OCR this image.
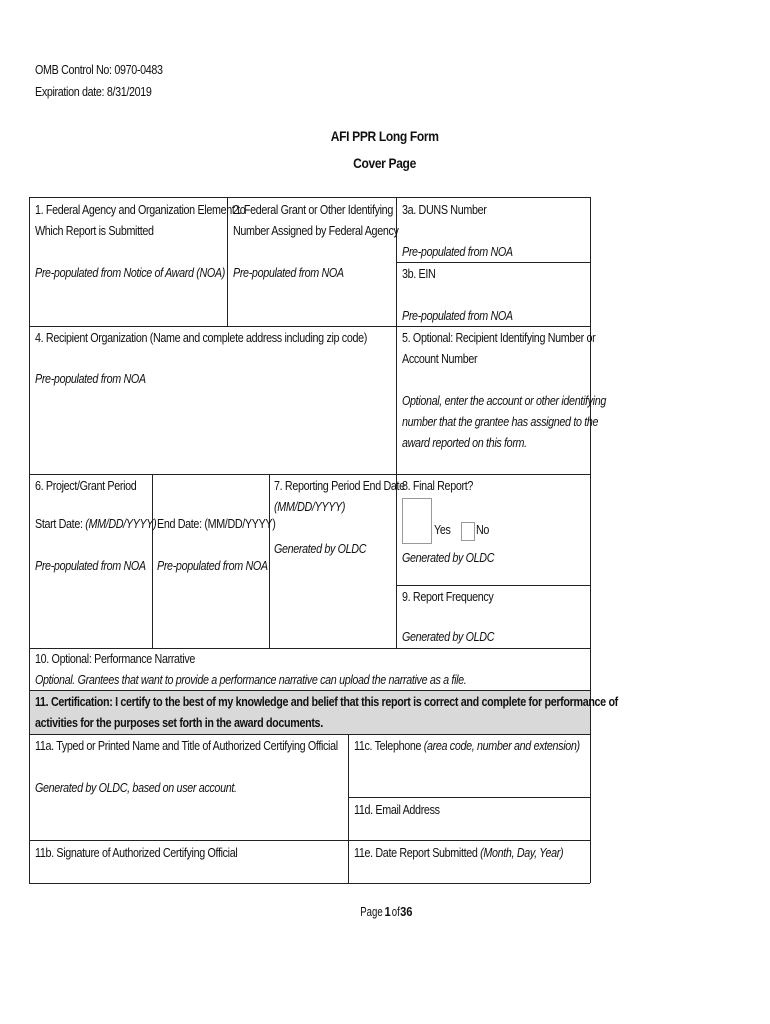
OMB Control No: 0970-0483
Expiration date: 8/31/2019
AFI PPR Long Form
Cover Page
1. Federal Agency and Organization Element to
Which Report is Submitted
Pre-populated from Notice of Award (NOA)
2. Federal Grant or Other Identifying
Number Assigned by Federal Agency
Pre-populated from NOA
3a. DUNS Number
Pre-populated from NOA
3b. EIN
Pre-populated from NOA
4. Recipient Organization (Name and complete address including zip code)
Pre-populated from NOA
5. Optional: Recipient Identifying Number or
Account Number
Optional, enter the account or other identifying
number that the grantee has assigned to the
award reported on this form.
6. Project/Grant Period
Start Date: (MM/DD/YYYY) End Date: (MM/DD/YYYY)
Pre-populated from NOA Pre-populated from NOA
7. Reporting Period End Date
(MM/DD/YYYY)
Generated by OLDC
8. Final Report?
Yes No
Generated by OLDC
9. Report Frequency
Generated by OLDC
10. Optional: Performance Narrative
Optional. Grantees that want to provide a performance narrative can upload the narrative as a file.
11. Certification: I certify to the best of my knowledge and belief that this report is correct and complete for performance of
activities for the purposes set forth in the award documents.
11a. Typed or Printed Name and Title of Authorized Certifying Official
Generated by OLDC, based on user account.
11c. Telephone (area code, number and extension)
11d. Email Address
11b. Signature of Authorized Certifying Official	11e. Date Report Submitted (Month, Day, Year)
Page1of36
